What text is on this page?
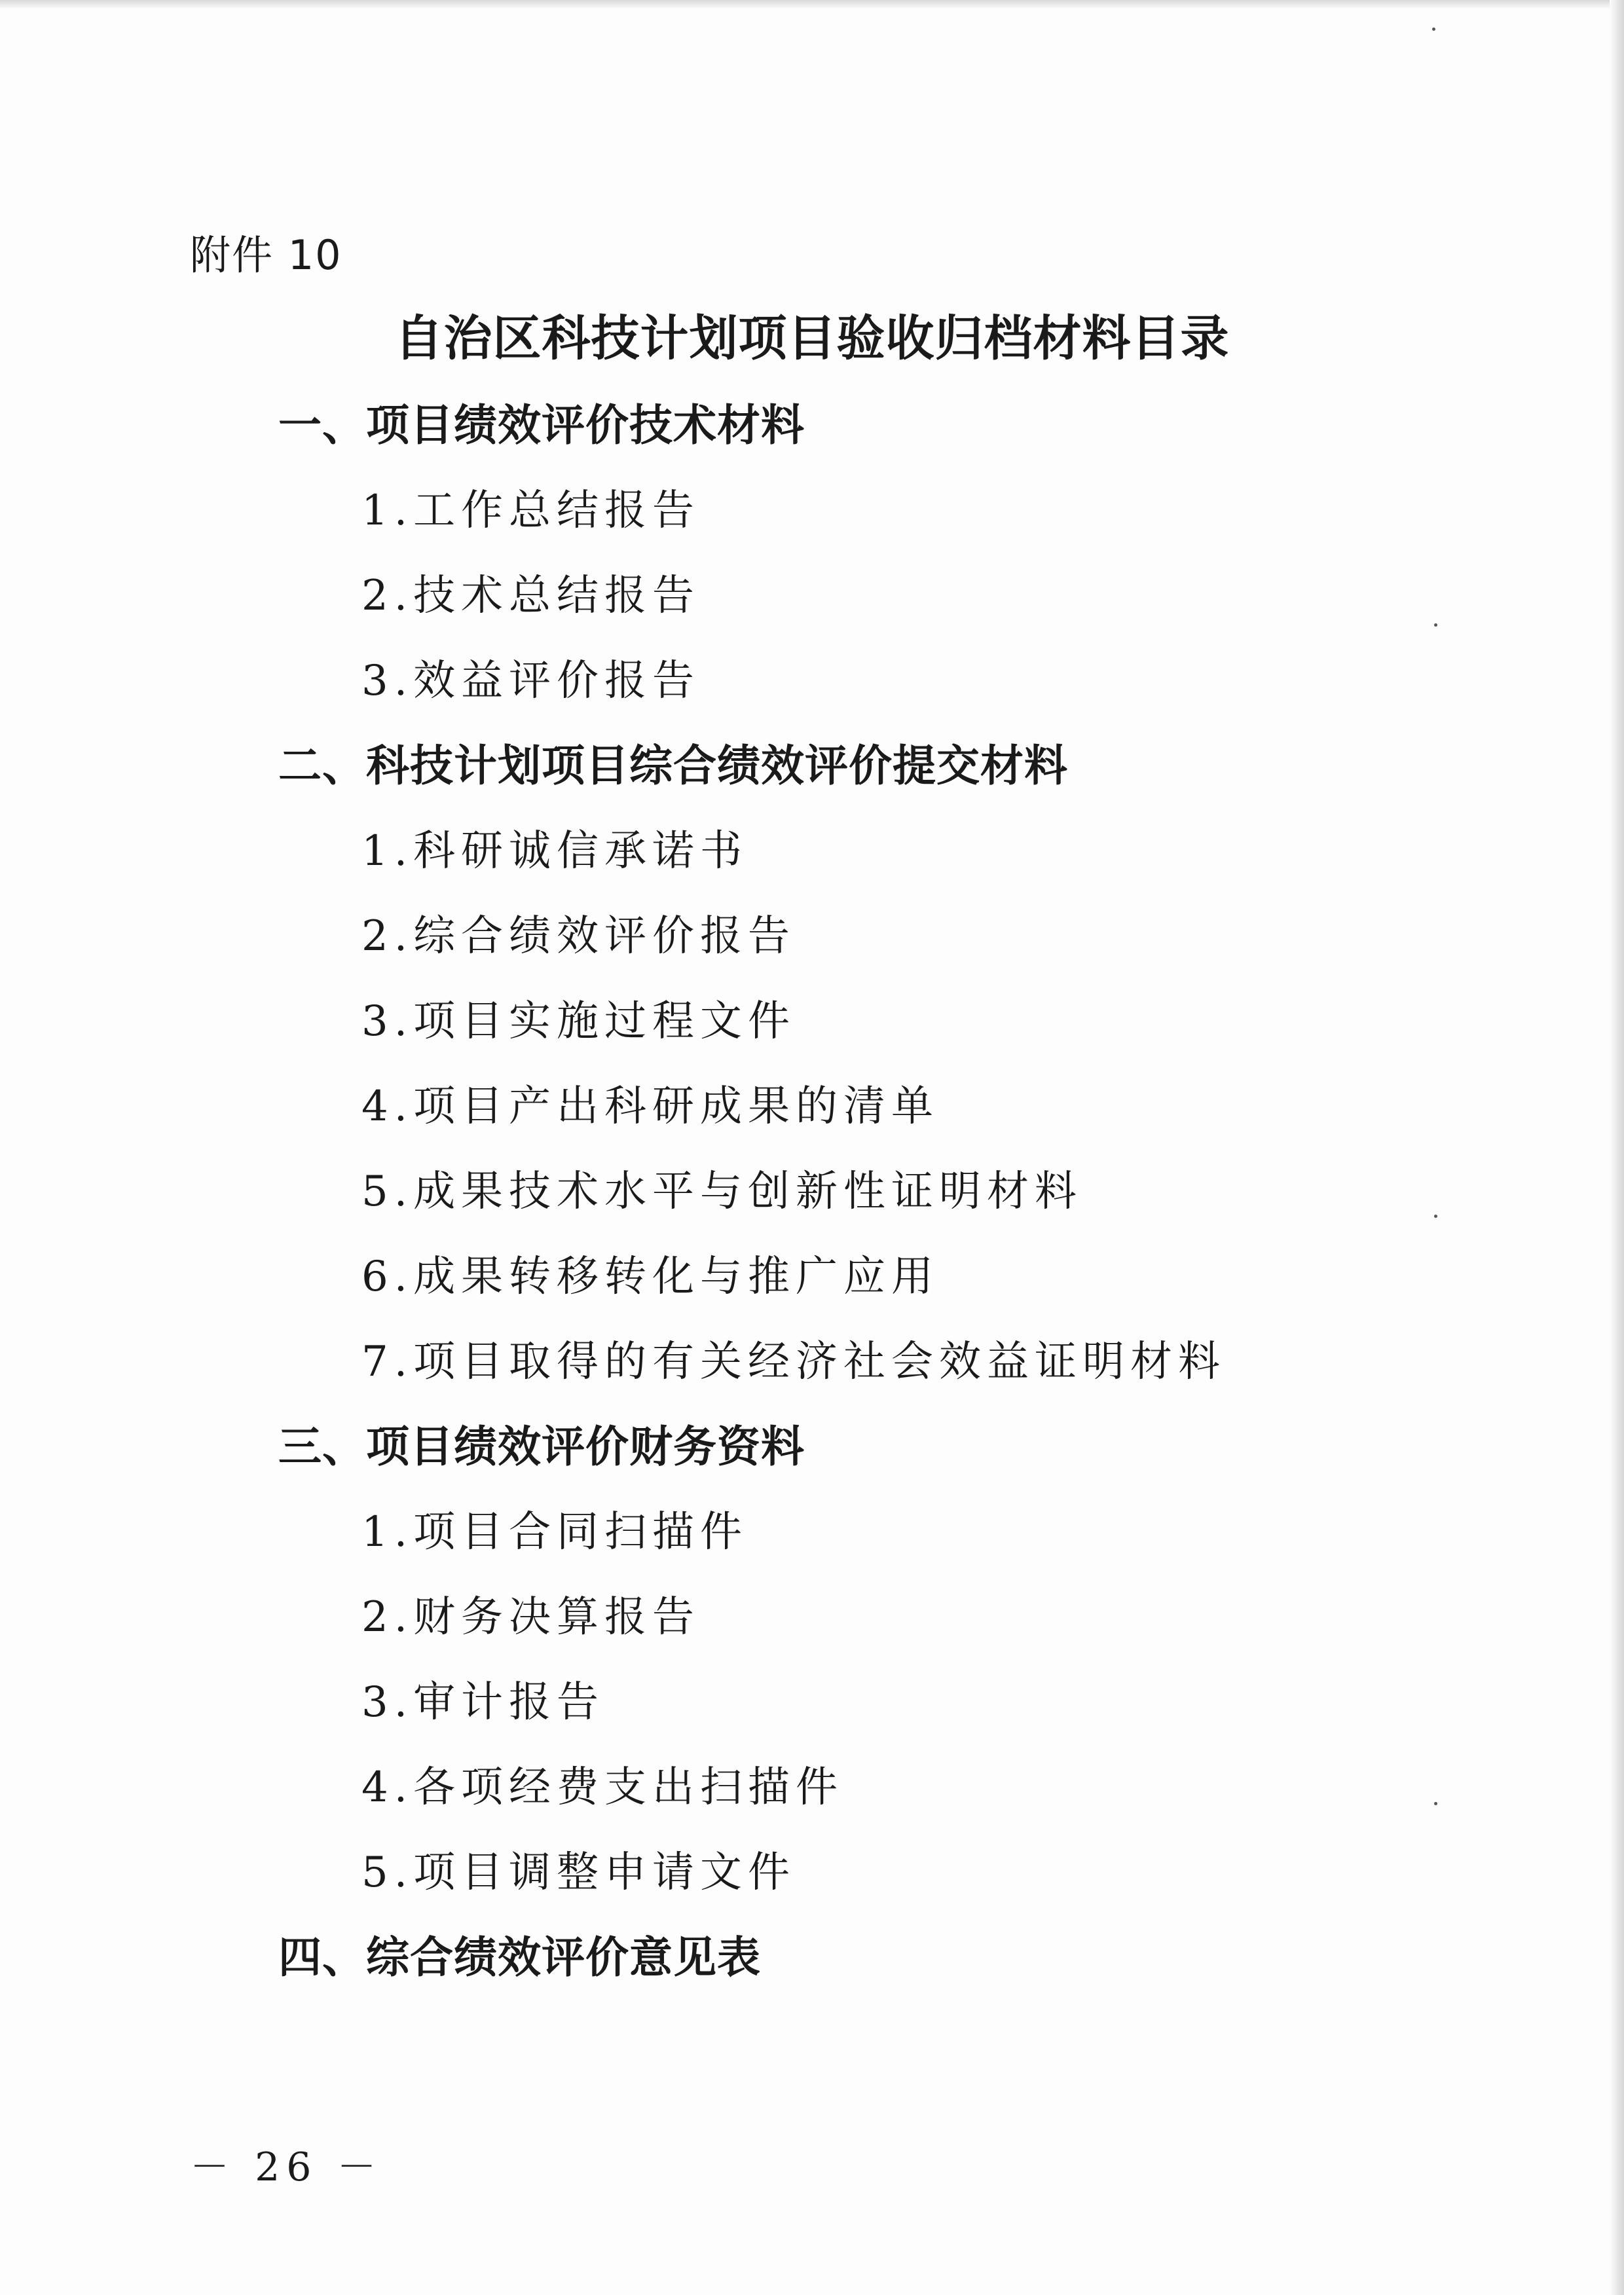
附件 10
自治区科技计划项目验收归档材料目录
一、项目绩效评价技术材料
1.工作总结报告
2.技术总结报告
3.效益评价报告
二、科技计划项目综合绩效评价提交材料
1.科研诚信承诺书
2.综合绩效评价报告
3.项目实施过程文件
4.项目产出科研成果的清单
5.成果技术水平与创新性证明材料
6.成果转移转化与推广应用
7.项目取得的有关经济社会效益证明材料
三、项目绩效评价财务资料
1.项目合同扫描件
2.财务决算报告
3.审计报告
4.各项经费支出扫描件
5.项目调整申请文件
四、综合绩效评价意见表
－ 26 －
